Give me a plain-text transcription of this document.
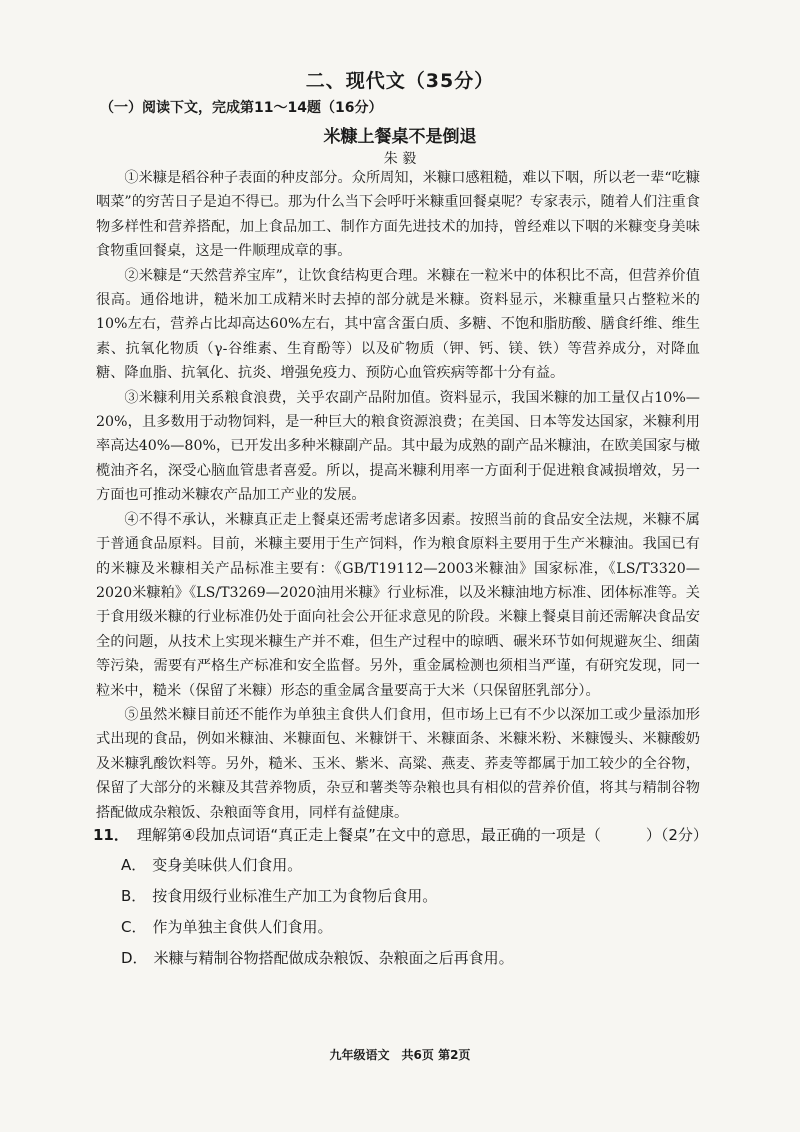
二、现代文（35分）
（一）阅读下文，完成第11～14题（16分）
米糠上餐桌不是倒退
朱 毅

①米糠是稻谷种子表面的种皮部分。众所周知，米糠口感粗糙，难以下咽，所以老一辈“吃糠咽菜”的穷苦日子是迫不得已。那为什么当下会呼吁米糠重回餐桌呢？专家表示，随着人们注重食物多样性和营养搭配，加上食品加工、制作方面先进技术的加持，曾经难以下咽的米糠变身美味食物重回餐桌，这是一件顺理成章的事。

②米糠是“天然营养宝库”，让饮食结构更合理。米糠在一粒米中的体积比不高，但营养价值很高。通俗地讲，糙米加工成精米时去掉的部分就是米糠。资料显示，米糠重量只占整粒米的10%左右，营养占比却高达60%左右，其中富含蛋白质、多糖、不饱和脂肪酸、膳食纤维、维生素、抗氧化物质（γ-谷维素、生育酚等）以及矿物质（钾、钙、镁、铁）等营养成分，对降血糖、降血脂、抗氧化、抗炎、增强免疫力、预防心血管疾病等都十分有益。

③米糠利用关系粮食浪费，关乎农副产品附加值。资料显示，我国米糠的加工量仅占10%—20%，且多数用于动物饲料，是一种巨大的粮食资源浪费；在美国、日本等发达国家，米糠利用率高达40%—80%，已开发出多种米糠副产品。其中最为成熟的副产品米糠油，在欧美国家与橄榄油齐名，深受心脑血管患者喜爱。所以，提高米糠利用率一方面利于促进粮食减损增效，另一方面也可推动米糠农产品加工产业的发展。

④不得不承认，米糠真正走上餐桌还需考虑诸多因素。按照当前的食品安全法规，米糠不属于普通食品原料。目前，米糠主要用于生产饲料，作为粮食原料主要用于生产米糠油。我国已有的米糠及米糠相关产品标准主要有：《GB/T19112—2003米糠油》国家标准，《LS/T3320—2020米糠粕》《LS/T3269—2020油用米糠》行业标准，以及米糠油地方标准、团体标准等。关于食用级米糠的行业标准仍处于面向社会公开征求意见的阶段。米糠上餐桌目前还需解决食品安全的问题，从技术上实现米糠生产并不难，但生产过程中的晾晒、碾米环节如何规避灰尘、细菌等污染，需要有严格生产标准和安全监督。另外，重金属检测也须相当严谨，有研究发现，同一粒米中，糙米（保留了米糠）形态的重金属含量要高于大米（只保留胚乳部分）。

⑤虽然米糠目前还不能作为单独主食供人们食用，但市场上已有不少以深加工或少量添加形式出现的食品，例如米糠油、米糠面包、米糠饼干、米糠面条、米糠米粉、米糠馒头、米糠酸奶及米糠乳酸饮料等。另外，糙米、玉米、紫米、高粱、燕麦、荞麦等都属于加工较少的全谷物，保留了大部分的米糠及其营养物质，杂豆和薯类等杂粮也具有相似的营养价值，将其与精制谷物搭配做成杂粮饭、杂粮面等食用，同样有益健康。

11． 理解第④段加点词语“真正走上餐桌”在文中的意思，最正确的一项是（　　　）（2分）
A． 变身美味供人们食用。
B． 按食用级行业标准生产加工为食物后食用。
C． 作为单独主食供人们食用。
D． 米糠与精制谷物搭配做成杂粮饭、杂粮面之后再食用。
九年级语文　共6页 第2页
